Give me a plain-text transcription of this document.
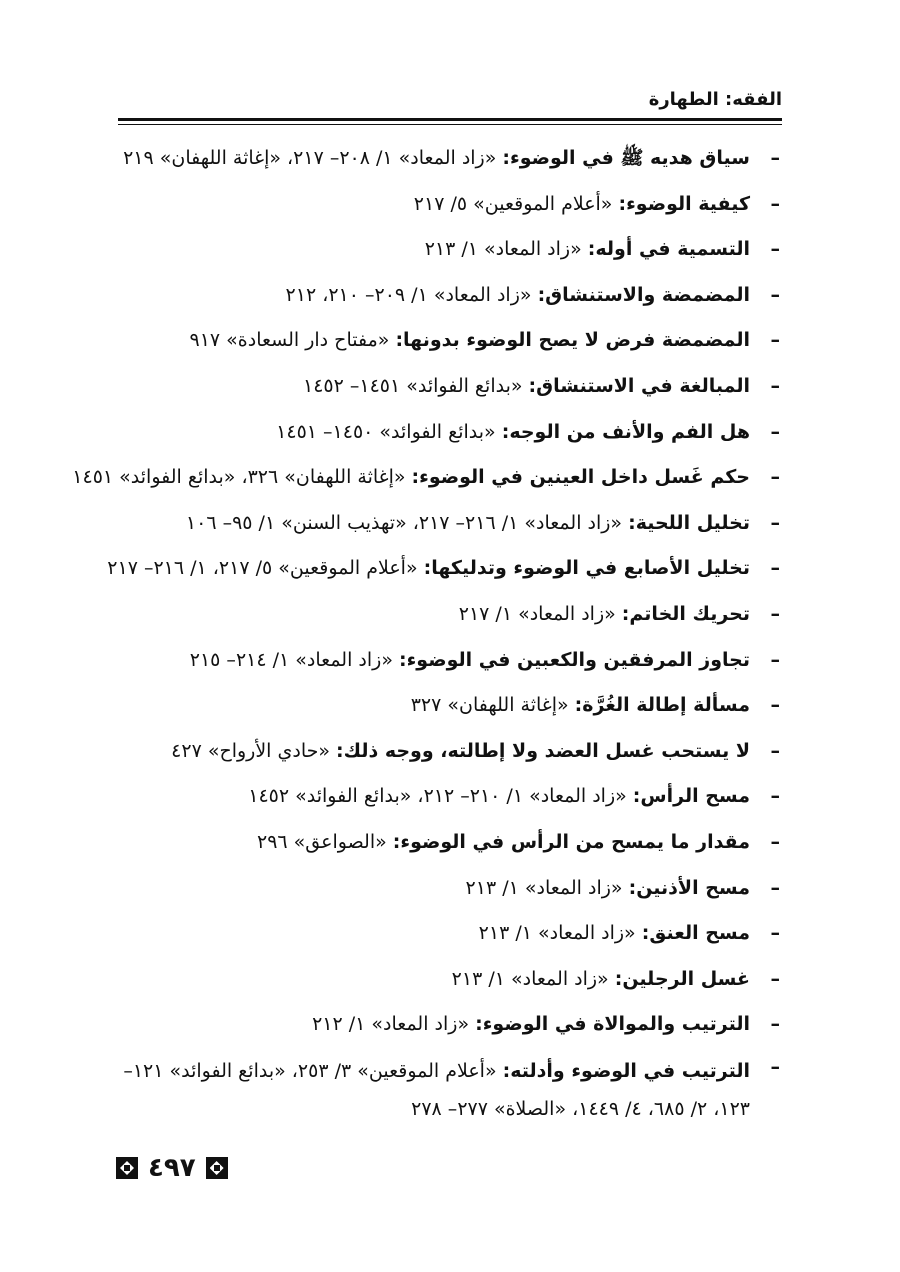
الفقه: الطهارة
–
سياق هديه ﷺ في الوضوء: «زاد المعاد» ١/ ٢٠٨– ٢١٧، «إغاثة اللهفان» ٢١٩
–
كيفية الوضوء: «أعلام الموقعين» ٥/ ٢١٧
–
التسمية في أوله: «زاد المعاد» ١/ ٢١٣
–
المضمضة والاستنشاق: «زاد المعاد» ١/ ٢٠٩– ٢١٠، ٢١٢
–
المضمضة فرض لا يصح الوضوء بدونها: «مفتاح دار السعادة» ٩١٧
–
المبالغة في الاستنشاق: «بدائع الفوائد» ١٤٥١– ١٤٥٢
–
هل الفم والأنف من الوجه: «بدائع الفوائد» ١٤٥٠– ١٤٥١
–
حكم غَسل داخل العينين في الوضوء: «إغاثة اللهفان» ٣٢٦، «بدائع الفوائد» ١٤٥١
–
تخليل اللحية: «زاد المعاد» ١/ ٢١٦– ٢١٧، «تهذيب السنن» ١/ ٩٥– ١٠٦
–
تخليل الأصابع في الوضوء وتدليكها: «أعلام الموقعين» ٥/ ٢١٧، ١/ ٢١٦– ٢١٧
–
تحريك الخاتم: «زاد المعاد» ١/ ٢١٧
–
تجاوز المرفقين والكعبين في الوضوء: «زاد المعاد» ١/ ٢١٤– ٢١٥
–
مسألة إطالة الغُرَّة: «إغاثة اللهفان» ٣٢٧
–
لا يستحب غسل العضد ولا إطالته، ووجه ذلك: «حادي الأرواح» ٤٢٧
–
مسح الرأس: «زاد المعاد» ١/ ٢١٠– ٢١٢، «بدائع الفوائد» ١٤٥٢
–
مقدار ما يمسح من الرأس في الوضوء: «الصواعق» ٢٩٦
–
مسح الأذنين: «زاد المعاد» ١/ ٢١٣
–
مسح العنق: «زاد المعاد» ١/ ٢١٣
–
غسل الرجلين: «زاد المعاد» ١/ ٢١٣
–
الترتيب والموالاة في الوضوء: «زاد المعاد» ١/ ٢١٢
–
الترتيب في الوضوء وأدلته: «أعلام الموقعين» ٣/ ٢٥٣، «بدائع الفوائد» ١٢١– ١٢٣، ٢/ ٦٨٥، ٤/ ١٤٤٩، «الصلاة» ٢٧٧– ٢٧٨
٤٩٧
